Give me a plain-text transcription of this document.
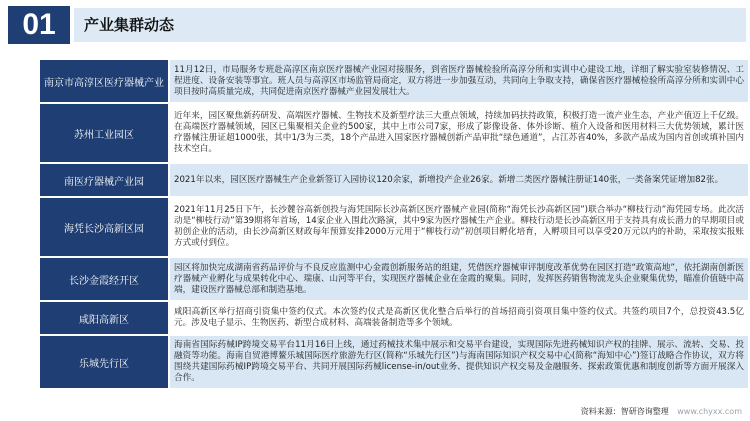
01	产业集群动态
南京市高淳区医疗器械产业
11月12日，市局服务专班赴高淳区南京医疗器械产业园对接服务，到省医疗器械检验所高淳分所和实训中心建设工地，详细了解实验室装修情况、工程进度、设备安装等事宜。班人员与高淳区市场监管局商定，双方将进一步加强互动，共同向上争取支持，确保省医疗器械检验所高淳分所和实训中心项目按时高质量完成，共同促进南京医疗器械产业园发展壮大。
苏州工业园区
近年来，园区聚焦新药研发、高端医疗器械、生物技术及新型疗法三大重点领域，持续加码扶持政策，积极打造一流产业生态，产业产值迈上千亿级。在高端医疗器械领域，园区已集聚相关企业约500家，其中上市公司7家，形成了影像设备、体外诊断、植介入设备和医用材料三大优势领域，累计医疗器械注册证超1000张，其中1/3为三类，18个产品进入国家医疗器械创新产品审批“绿色通道”，占江苏省40%，多款产品成为国内首创或填补国内技术空白。
南医疗器械产业园	2021年以来，园区医疗器械生产企业新签订入园协议120余家，新增投产企业26家。新增二类医疗器械注册证140张，一类备案凭证增加82张。
海凭长沙高新区园
2021年11月25日下午，长沙麓谷高新创投与海凭国际长沙高新区医疗器械产业园(简称“海凭长沙高新区园”)联合举办“柳枝行动”海凭园专场。此次活动是“柳枝行动”第39期将年首场，14家企业入围此次路演，其中9家为医疗器械生产企业。柳枝行动是长沙高新区用于支持具有成长潜力的早期项目或初创企业的活动，由长沙高新区财政每年预算安排2000万元用于“柳枝行动”初创项目孵化培育，入孵项目可以享受20万元以内的补助，采取按实报账方式或付到位。
长沙金霞经开区
园区将加快完成湖南省药品评价与不良反应监测中心金霞创新服务站的组建，凭借医疗器械审评制度改革优势在园区打造“政策高地”，依托湖南创新医疗器械产业孵化与成果转化中心、瑞康、山河等平台，实现医疗器械企业在金霞的聚集。同时，发挥医药销售物流龙头企业聚集优势，瞄准价值链中高端，建设医疗器械总部和制造基地。
咸阳高新区
咸阳高新区举行招商引资集中签约仪式。本次签约仪式是高新区优化整合后举行的首场招商引资项目集中签约仪式。共签约项目7个，总投资43.5亿元。涉及电子显示、生物医药、新型合成材料、高端装备制造等多个领域。
乐城先行区
海南省国际药械IP跨境交易平台11月16日上线，通过药械技术集中展示和交易平台建设，实现国际先进药械知识产权的挂牌、展示、流转、交易、投融资等功能。海南自贸港博鳌乐城国际医疗旅游先行区(简称“乐城先行区”)与海南国际知识产权交易中心(简称“海知中心”)签订战略合作协议，双方将围绕共建国际药械IP跨境交易平台、共同开展国际药械license-in/out业务、提供知识产权交易及金融服务、探索政策优惠和制度创新等方面开展深入合作。
资料来源：智研咨询整理 www.chyxx.com
